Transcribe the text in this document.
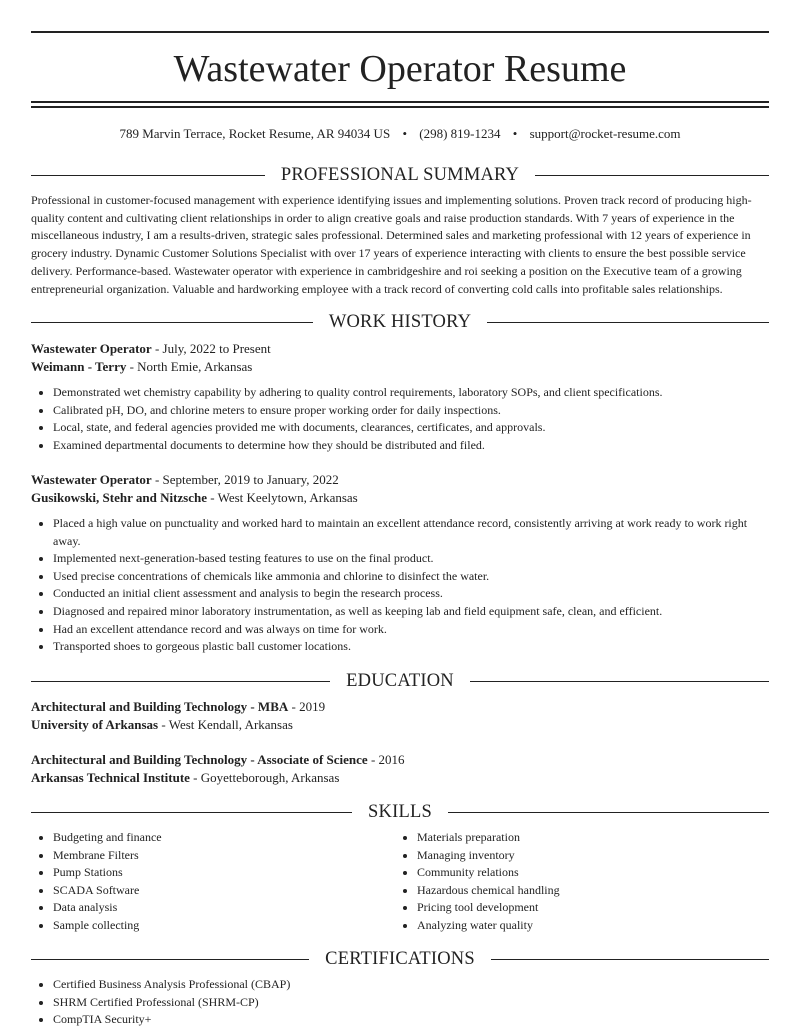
Wastewater Operator Resume
789 Marvin Terrace, Rocket Resume, AR 94034 US • (298) 819-1234 • support@rocket-resume.com
PROFESSIONAL SUMMARY

Professional in customer-focused management with experience identifying issues and implementing solutions. Proven track record of producing high-quality content and cultivating client relationships in order to align creative goals and raise production standards. With 7 years of experience in the miscellaneous industry, I am a results-driven, strategic sales professional. Determined sales and marketing professional with 12 years of experience in grocery industry. Dynamic Customer Solutions Specialist with over 17 years of experience interacting with clients to ensure the best possible service delivery. Performance-based. Wastewater operator with experience in cambridgeshire and roi seeking a position on the Executive team of a growing entrepreneurial organization. Valuable and hardworking employee with a track record of converting cold calls into profitable sales relationships.

WORK HISTORY
Wastewater Operator - July, 2022 to Present
Weimann - Terry - North Emie, Arkansas
• Demonstrated wet chemistry capability by adhering to quality control requirements, laboratory SOPs, and client specifications.
• Calibrated pH, DO, and chlorine meters to ensure proper working order for daily inspections.
• Local, state, and federal agencies provided me with documents, clearances, certificates, and approvals.
• Examined departmental documents to determine how they should be distributed and filed.
Wastewater Operator - September, 2019 to January, 2022
Gusikowski, Stehr and Nitzsche - West Keelytown, Arkansas
• Placed a high value on punctuality and worked hard to maintain an excellent attendance record, consistently arriving at work ready to work right away.
• Implemented next-generation-based testing features to use on the final product.
• Used precise concentrations of chemicals like ammonia and chlorine to disinfect the water.
• Conducted an initial client assessment and analysis to begin the research process.
• Diagnosed and repaired minor laboratory instrumentation, as well as keeping lab and field equipment safe, clean, and efficient.
• Had an excellent attendance record and was always on time for work.
• Transported shoes to gorgeous plastic ball customer locations.
EDUCATION
Architectural and Building Technology - MBA - 2019
University of Arkansas - West Kendall, Arkansas
Architectural and Building Technology - Associate of Science - 2016
Arkansas Technical Institute - Goyetteborough, Arkansas
SKILLS
• Budgeting and finance
• Membrane Filters
• Pump Stations
• SCADA Software
• Data analysis
• Sample collecting
• Materials preparation
• Managing inventory
• Community relations
• Hazardous chemical handling
• Pricing tool development
• Analyzing water quality
CERTIFICATIONS
• Certified Business Analysis Professional (CBAP)
• SHRM Certified Professional (SHRM-CP)
• CompTIA Security+
